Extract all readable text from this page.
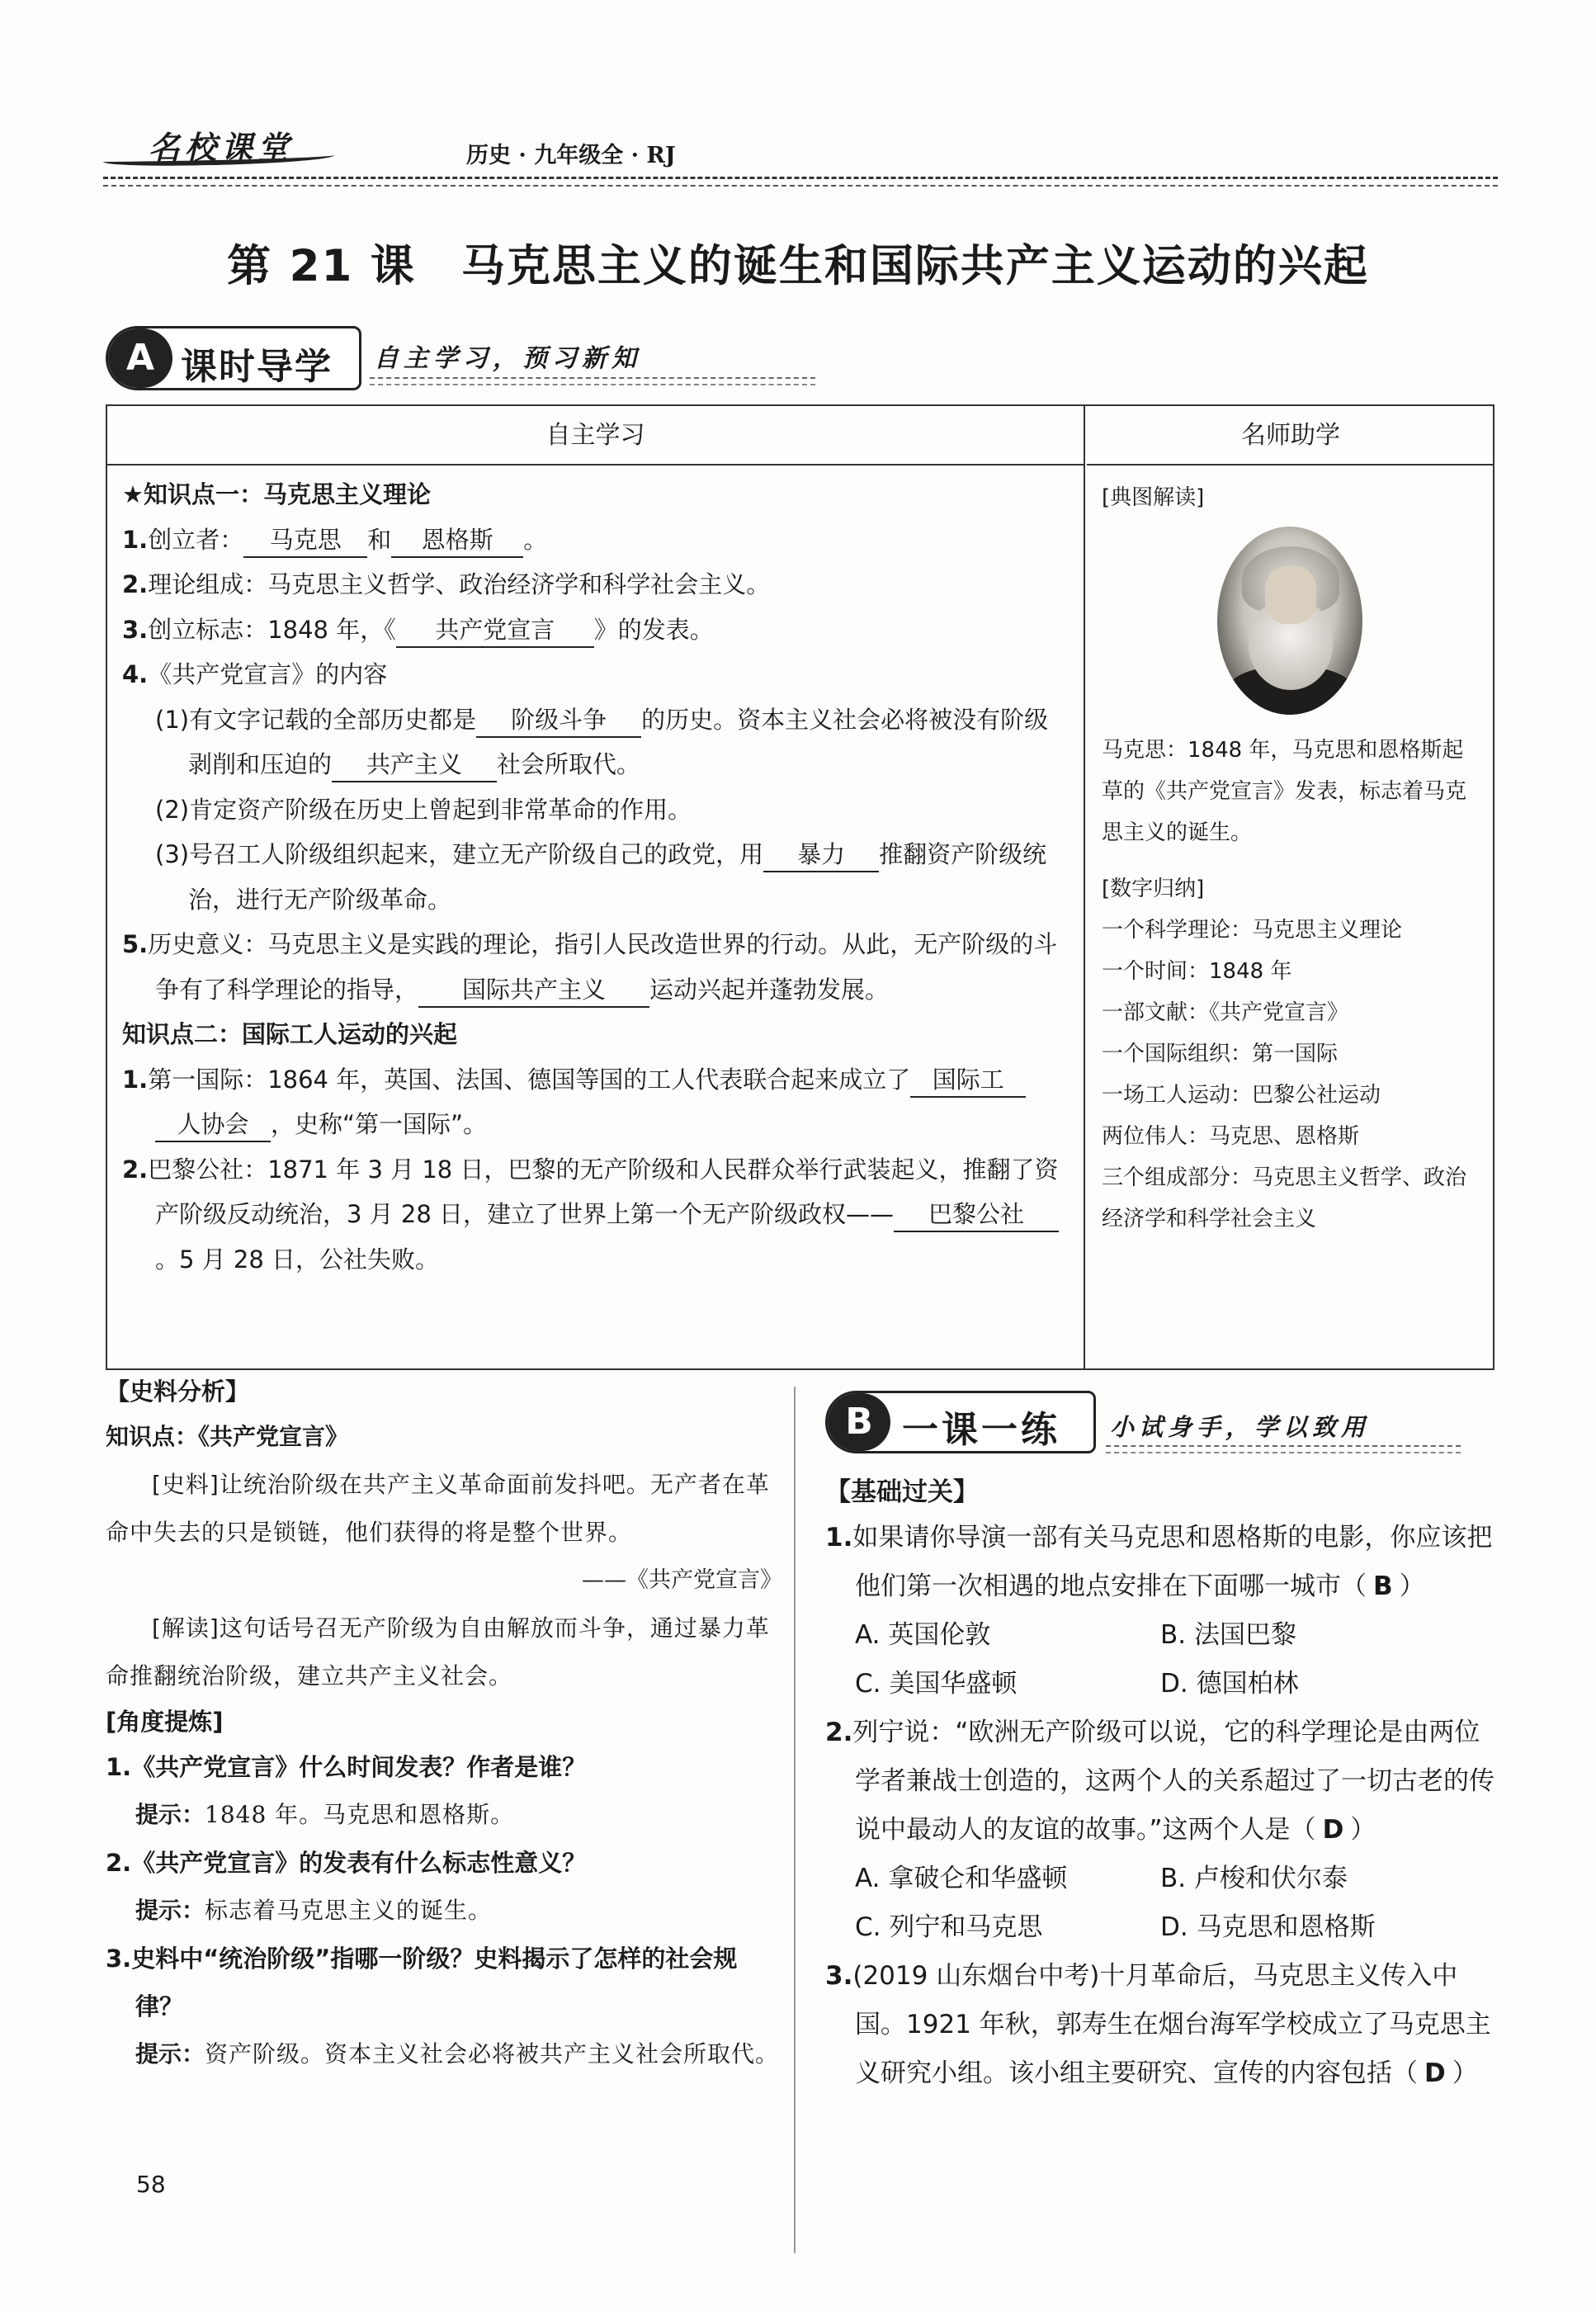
名校课堂	历史 · 九年级全 · RJ
第 21 课　马克思主义的诞生和国际共产主义运动的兴起
A 课时导学 自主学习，预习新知
自主学习
★知识点一：马克思主义理论
1.创立者： 马克思 和 恩格斯 。
2.理论组成：马克思主义哲学、政治经济学和科学社会主义。
3.创立标志：1848 年，《 共产党宣言 》的发表。
4.《共产党宣言》的内容
(1)有文字记载的全部历史都是 阶级斗争 的历史。资本主义社会必将被没有阶级剥削和压迫的 共产主义 社会所取代。
(2)肯定资产阶级在历史上曾起到非常革命的作用。
(3)号召工人阶级组织起来，建立无产阶级自己的政党，用 暴力 推翻资产阶级统治，进行无产阶级革命。
5.历史意义：马克思主义是实践的理论，指引人民改造世界的行动。从此，无产阶级的斗争有了科学理论的指导， 国际共产主义 运动兴起并蓬勃发展。
知识点二：国际工人运动的兴起
1.第一国际：1864 年，英国、法国、德国等国的工人代表联合起来成立了 国际工
人协会 ，史称“第一国际”。
2.巴黎公社：1871 年 3 月 18 日，巴黎的无产阶级和人民群众举行武装起义，推翻了资产阶级反动统治，3 月 28 日，建立了世界上第一个无产阶级政权—— 巴黎公社。5 月 28 日，公社失败。
名师助学
[典图解读]
马克思：1848 年，马克思和恩格斯起草的《共产党宣言》发表，标志着马克思主义的诞生。
[数字归纳]
一个科学理论：马克思主义理论
一个时间：1848 年
一部文献：《共产党宣言》
一个国际组织：第一国际
一场工人运动：巴黎公社运动
两位伟人：马克思、恩格斯
三个组成部分：马克思主义哲学、政治经济学和科学社会主义
【史料分析】
知识点：《共产党宣言》
[史料]让统治阶级在共产主义革命面前发抖吧。无产者在革命中失去的只是锁链，他们获得的将是整个世界。
——《共产党宣言》
[解读]这句话号召无产阶级为自由解放而斗争，通过暴力革命推翻统治阶级，建立共产主义社会。
[角度提炼]
1.《共产党宣言》什么时间发表？作者是谁？
提示：1848 年。马克思和恩格斯。
2.《共产党宣言》的发表有什么标志性意义？
提示：标志着马克思主义的诞生。
3.史料中“统治阶级”指哪一阶级？史料揭示了怎样的社会规律？
提示：资产阶级。资本主义社会必将被共产主义社会所取代。
B 一课一练 小试身手，学以致用
【基础过关】
1.如果请你导演一部有关马克思和恩格斯的电影，你应该把他们第一次相遇的地点安排在下面哪一城市（ B ）
A. 英国伦敦	B. 法国巴黎
C. 美国华盛顿	D. 德国柏林
2.列宁说：“欧洲无产阶级可以说，它的科学理论是由两位学者兼战士创造的，这两个人的关系超过了一切古老的传说中最动人的友谊的故事。”这两个人是（ D ）
A. 拿破仑和华盛顿	B. 卢梭和伏尔泰
C. 列宁和马克思	D. 马克思和恩格斯
3.(2019 山东烟台中考)十月革命后，马克思主义传入中国。1921 年秋，郭寿生在烟台海军学校成立了马克思主义研究小组。该小组主要研究、宣传的内容包括（ D ）
58
